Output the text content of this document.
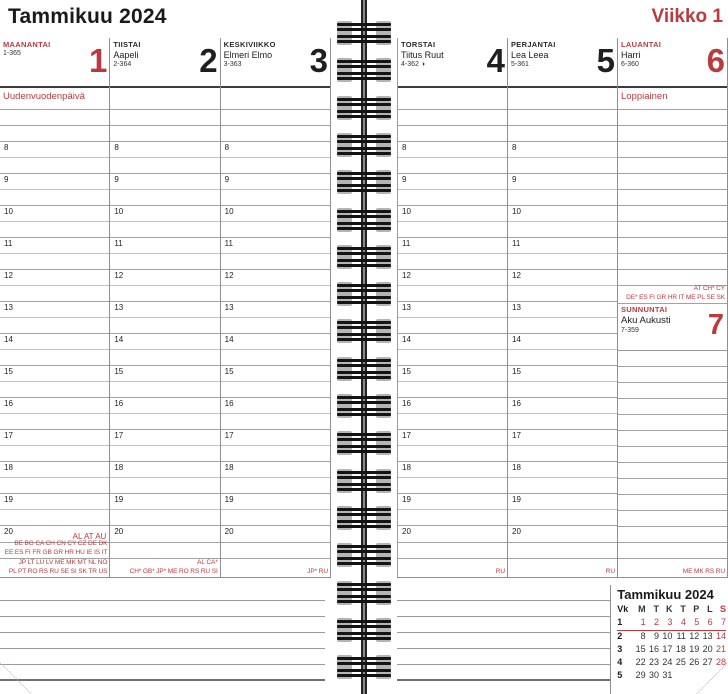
Tammikuu 2024
MAANANTAI
1-365	1
Uudenvuodenpäivä
8
9
10
11
12
13
14
15
16
17
18
19
20
AL AT AU
BE BG CA CH CN CY CZ DE DK
EE ES FI FR GB GR HR HU IE IS IT
JP LT LU LV ME MK MT NL NO
PL PT RO RS RU SE SI SK TR US
TIISTAI
Aapeli
2-364	2
8
9
10
11
12
13
14
15
16
17
18
19
20
AL CA*
CH* GB* JP* ME RO RS RU SI
KESKIVIIKKO
Elmeri Elmo
3-363	3
8
9
10
11
12
13
14
15
16
17
18
19
20
JP* RU
Viikko 1
TORSTAI
Tiitus Ruut
4-362 ◑	4
8
9
10
11
12
13
14
15
16
17
18
19
20
RU
PERJANTAI
Lea Leea
5-361	5
8
9
10
11
12
13
14
15
16
17
18
19
20
RU
LAUANTAI
Harri
6-360	6
Loppiainen
AT CH* CY
DE* ES FI GR HR IT ME PL SE SK
SUNNUNTAI
Aku Aukusti
7-359	7
ME MK RS RU
Tammikuu 2024
Vk	M T K T P L S
1	1 2 3 4 5 6 7
2	8 9 10 11 12 13 14
3	15 16 17 18 19 20 21
4	22 23 24 25 26 27 28
5	29 30 31
